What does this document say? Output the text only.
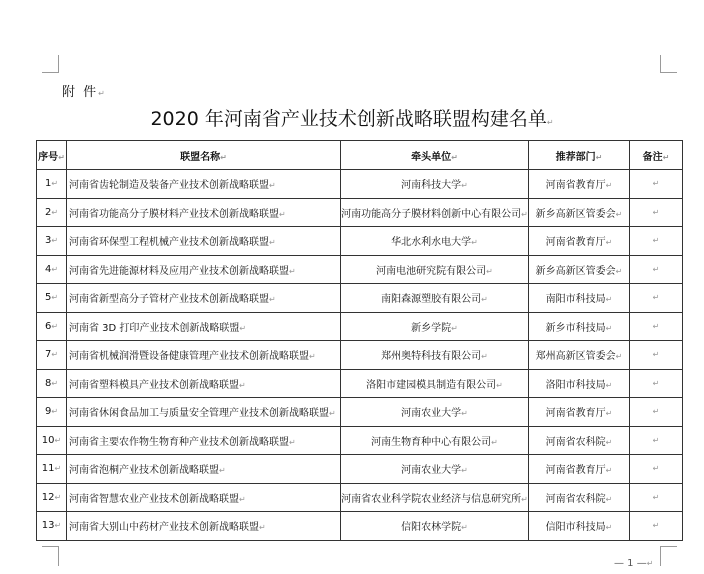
附 件↵
2020 年河南省产业技术创新战略联盟构建名单↵
序号↵	联盟名称↵	牵头单位↵	推荐部门↵	备注↵
1↵	河南省齿轮制造及装备产业技术创新战略联盟↵	河南科技大学↵	河南省教育厅↵	↵
2↵	河南省功能高分子膜材料产业技术创新战略联盟↵	河南功能高分子膜材料创新中心有限公司↵	新乡高新区管委会↵	↵
3↵	河南省环保型工程机械产业技术创新战略联盟↵	华北水利水电大学↵	河南省教育厅↵	↵
4↵	河南省先进能源材料及应用产业技术创新战略联盟↵	河南电池研究院有限公司↵	新乡高新区管委会↵	↵
5↵	河南省新型高分子管材产业技术创新战略联盟↵	南阳森源塑胶有限公司↵	南阳市科技局↵	↵
6↵	河南省 3D 打印产业技术创新战略联盟↵	新乡学院↵	新乡市科技局↵	↵
7↵	河南省机械润滑暨设备健康管理产业技术创新战略联盟↵	郑州奥特科技有限公司↵	郑州高新区管委会↵	↵
8↵	河南省塑料模具产业技术创新战略联盟↵	洛阳市建园模具制造有限公司↵	洛阳市科技局↵	↵
9↵	河南省休闲食品加工与质量安全管理产业技术创新战略联盟↵	河南农业大学↵	河南省教育厅↵	↵
10↵	河南省主要农作物生物育种产业技术创新战略联盟↵	河南生物育种中心有限公司↵	河南省农科院↵	↵
11↵	河南省泡桐产业技术创新战略联盟↵	河南农业大学↵	河南省教育厅↵	↵
12↵	河南省智慧农业产业技术创新战略联盟↵	河南省农业科学院农业经济与信息研究所↵	河南省农科院↵	↵
13↵	河南省大别山中药材产业技术创新战略联盟↵	信阳农林学院↵	信阳市科技局↵	↵
— 1 —↵
